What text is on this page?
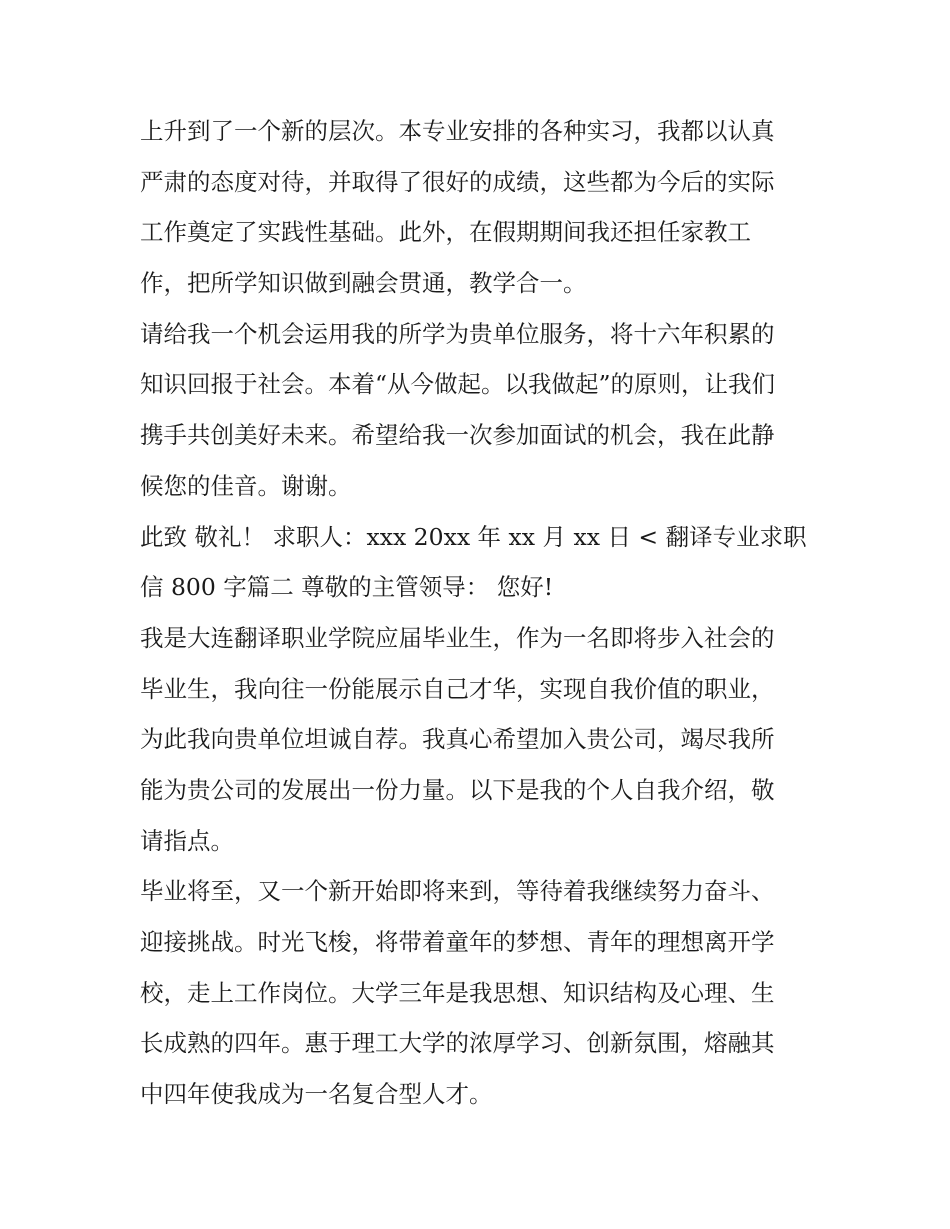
上升到了一个新的层次。本专业安排的各种实习，我都以认真
严肃的态度对待，并取得了很好的成绩，这些都为今后的实际
工作奠定了实践性基础。此外，在假期期间我还担任家教工
作，把所学知识做到融会贯通，教学合一。
请给我一个机会运用我的所学为贵单位服务，将十六年积累的
知识回报于社会。本着“从今做起。以我做起”的原则，让我们
携手共创美好未来。希望给我一次参加面试的机会，我在此静
候您的佳音。谢谢。
此致 敬礼！ 求职人：xxx 20xx 年 xx 月 xx 日 < 翻译专业求职
信 800 字篇二 尊敬的主管领导： 您好!
我是大连翻译职业学院应届毕业生，作为一名即将步入社会的
毕业生，我向往一份能展示自己才华，实现自我价值的职业，
为此我向贵单位坦诚自荐。我真心希望加入贵公司，竭尽我所
能为贵公司的发展出一份力量。以下是我的个人自我介绍，敬
请指点。
毕业将至，又一个新开始即将来到，等待着我继续努力奋斗、
迎接挑战。时光飞梭，将带着童年的梦想、青年的理想离开学
校，走上工作岗位。大学三年是我思想、知识结构及心理、生
长成熟的四年。惠于理工大学的浓厚学习、创新氛围，熔融其
中四年使我成为一名复合型人才。
